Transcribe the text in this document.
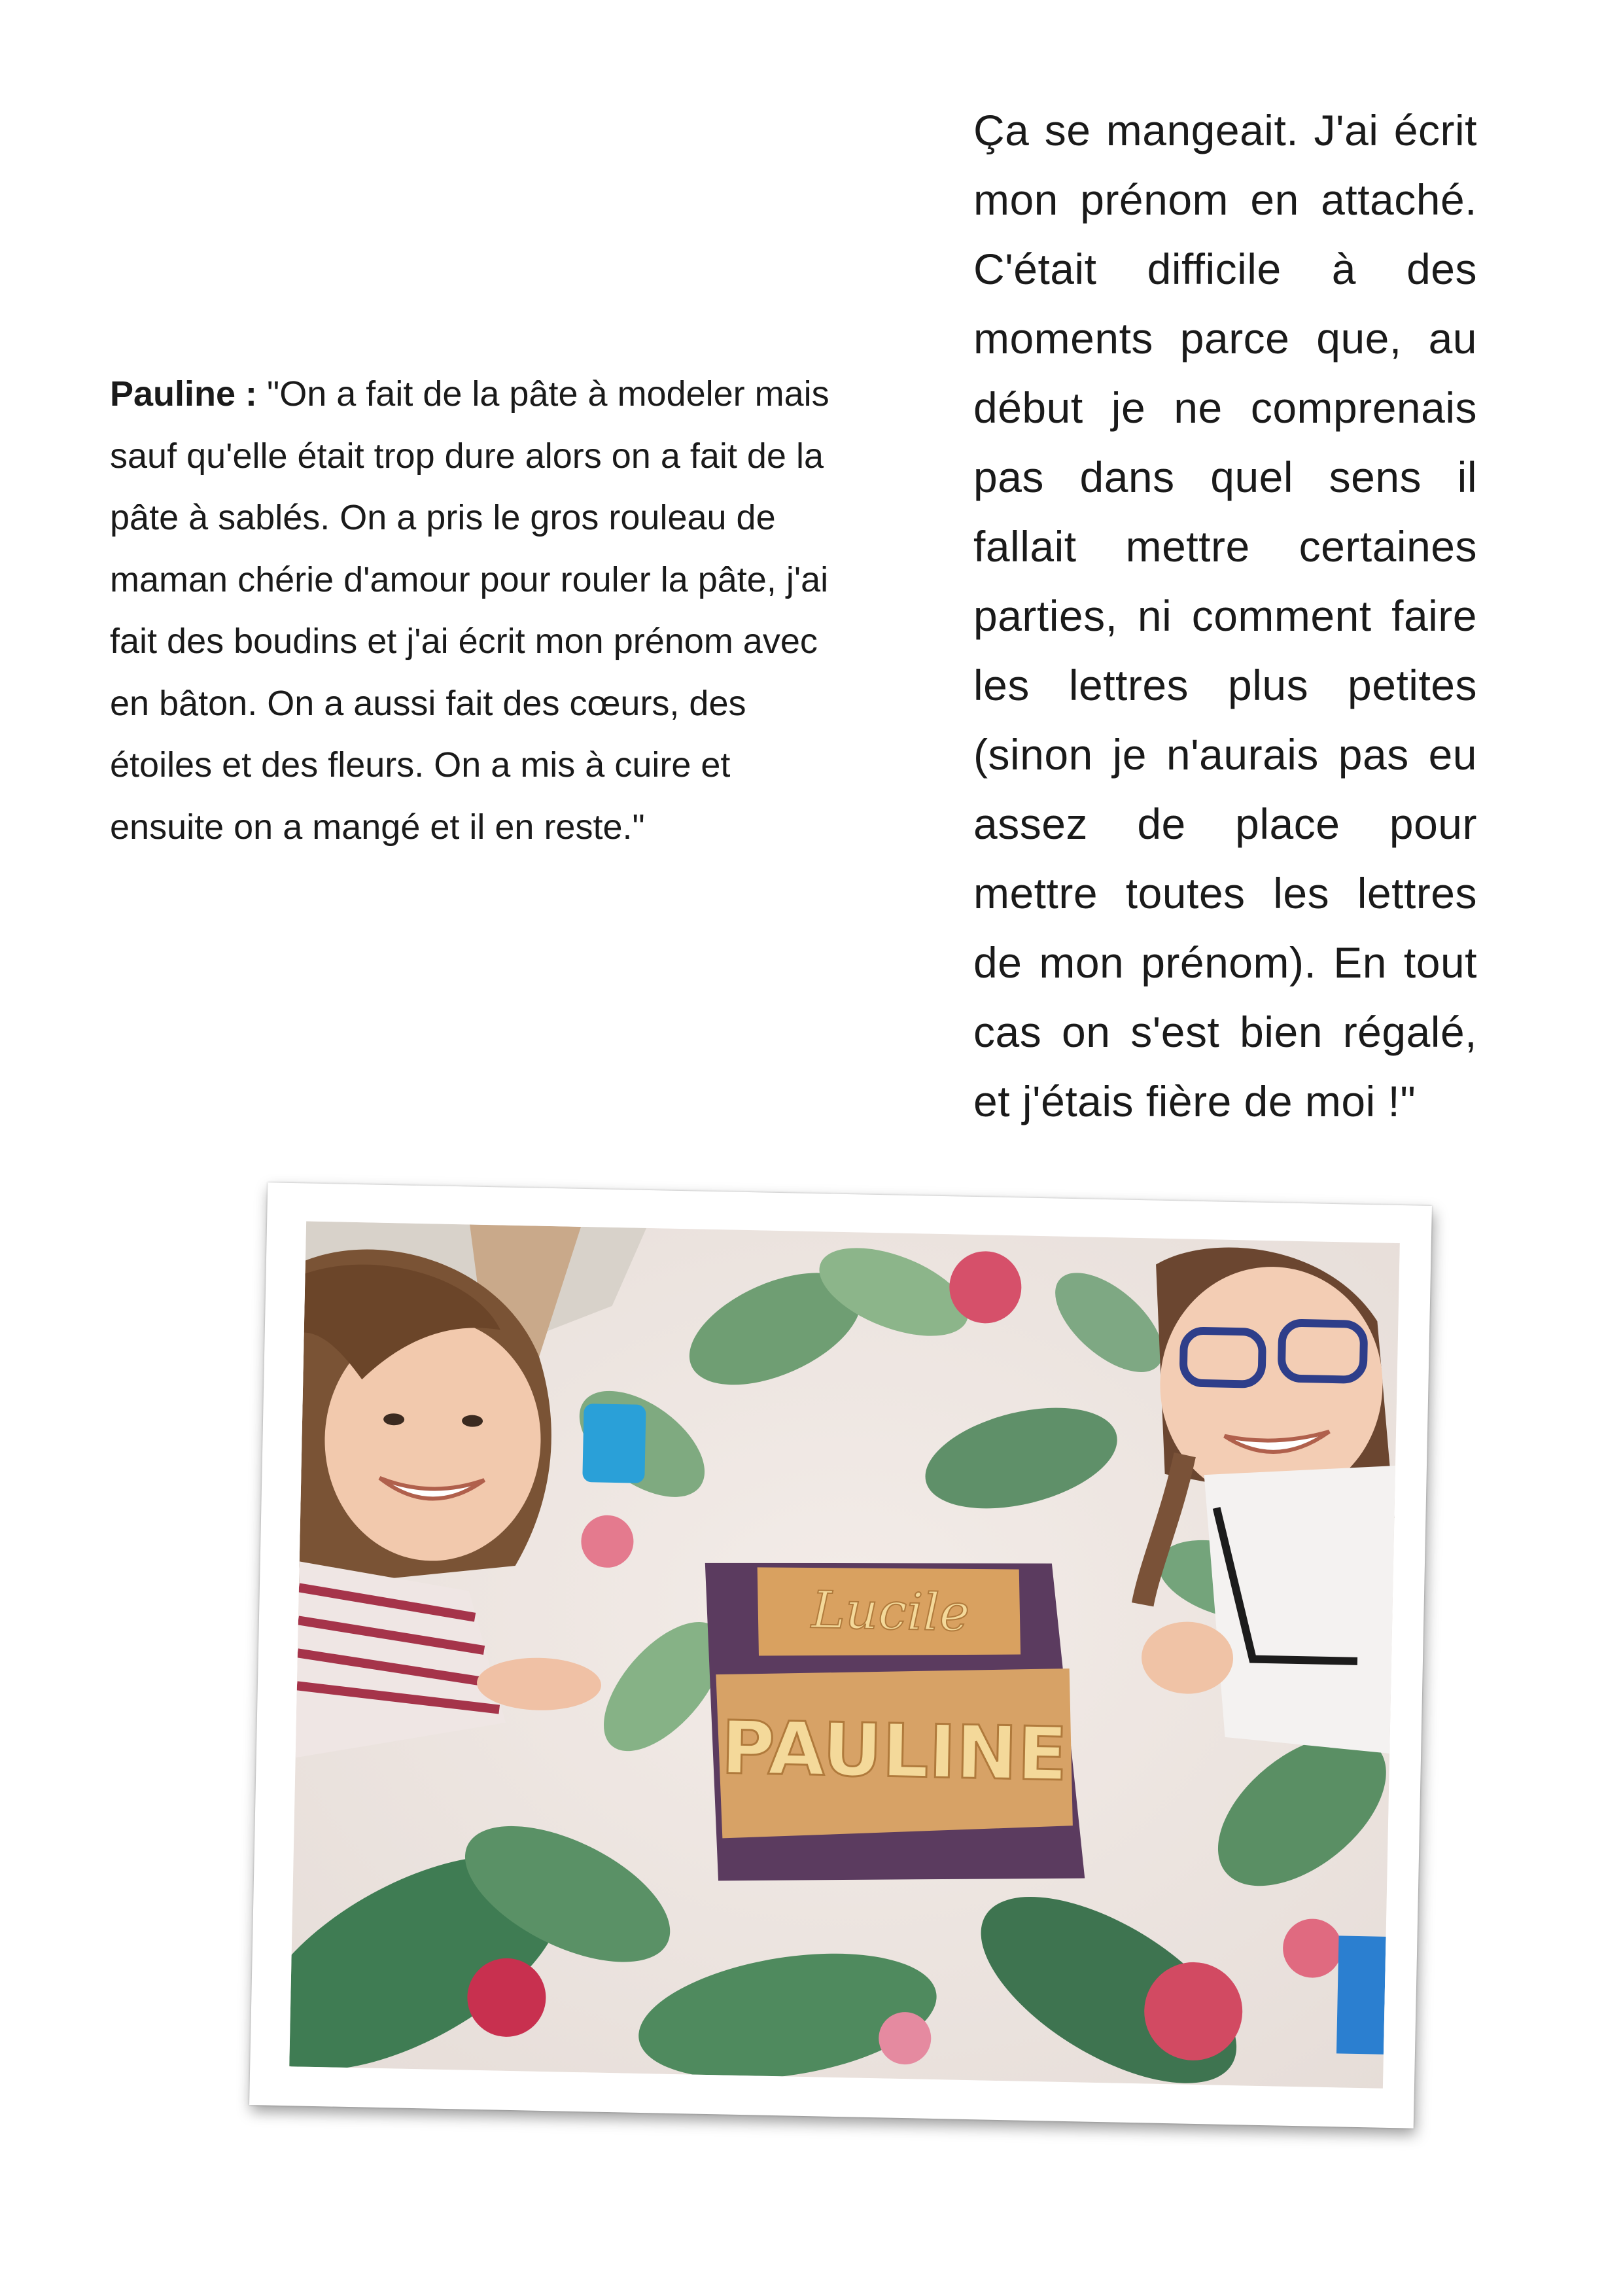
Pauline : "On a fait de la pâte à modeler mais sauf qu'elle était trop dure alors on a fait de la pâte à sablés. On a pris le gros rouleau de maman chérie d'amour pour rouler la pâte, j'ai fait des boudins et j'ai écrit mon prénom avec en bâton. On a aussi fait des cœurs, des étoiles et des fleurs. On a mis à cuire et ensuite on a mangé et il en reste."

Ça se mangeait. J'ai écrit mon prénom en attaché. C'était difficile à des moments parce que, au début je ne comprenais pas dans quel sens il fallait mettre certaines parties, ni comment faire les lettres plus petites (sinon je n'aurais pas eu assez de place pour mettre toutes les lettres de mon prénom). En tout cas on s'est bien régalé, et j'étais fière de moi !"

Lucile
PAULINE
